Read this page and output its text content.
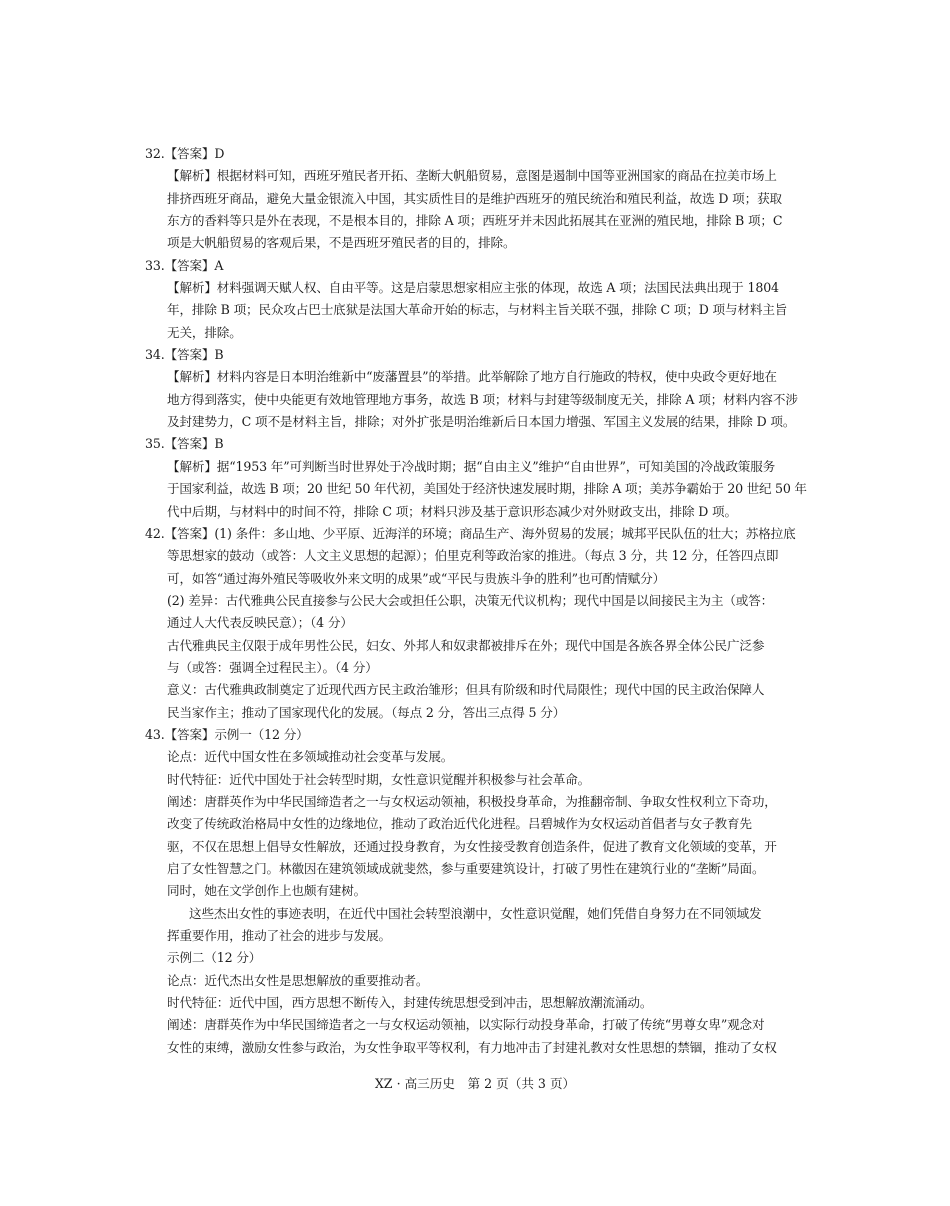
32.【答案】D
【解析】根据材料可知，西班牙殖民者开拓、垄断大帆船贸易，意图是遏制中国等亚洲国家的商品在拉美市场上
排挤西班牙商品，避免大量金银流入中国，其实质性目的是维护西班牙的殖民统治和殖民利益，故选 D 项；获取
东方的香料等只是外在表现，不是根本目的，排除 A 项；西班牙并未因此拓展其在亚洲的殖民地，排除 B 项；C
项是大帆船贸易的客观后果，不是西班牙殖民者的目的，排除。
33.【答案】A
【解析】材料强调天赋人权、自由平等。这是启蒙思想家相应主张的体现，故选 A 项；法国民法典出现于 1804
年，排除 B 项；民众攻占巴士底狱是法国大革命开始的标志，与材料主旨关联不强，排除 C 项；D 项与材料主旨
无关，排除。
34.【答案】B
【解析】材料内容是日本明治维新中“废藩置县”的举措。此举解除了地方自行施政的特权，使中央政令更好地在
地方得到落实，使中央能更有效地管理地方事务，故选 B 项；材料与封建等级制度无关，排除 A 项；材料内容不涉
及封建势力，C 项不是材料主旨，排除；对外扩张是明治维新后日本国力增强、军国主义发展的结果，排除 D 项。
35.【答案】B
【解析】据“1953 年”可判断当时世界处于冷战时期；据“自由主义”维护“自由世界”，可知美国的冷战政策服务
于国家利益，故选 B 项；20 世纪 50 年代初，美国处于经济快速发展时期，排除 A 项；美苏争霸始于 20 世纪 50 年
代中后期，与材料中的时间不符，排除 C 项；材料只涉及基于意识形态减少对外财政支出，排除 D 项。
42.【答案】(1) 条件：多山地、少平原、近海洋的环境；商品生产、海外贸易的发展；城邦平民队伍的壮大；苏格拉底
等思想家的鼓动（或答：人文主义思想的起源）；伯里克利等政治家的推进。（每点 3 分，共 12 分，任答四点即
可，如答“通过海外殖民等吸收外来文明的成果”或“平民与贵族斗争的胜利”也可酌情赋分）
(2) 差异：古代雅典公民直接参与公民大会或担任公职，决策无代议机构；现代中国是以间接民主为主（或答：
通过人大代表反映民意）；（4 分）
古代雅典民主仅限于成年男性公民，妇女、外邦人和奴隶都被排斥在外；现代中国是各族各界全体公民广泛参
与（或答：强调全过程民主）。（4 分）
意义：古代雅典政制奠定了近现代西方民主政治雏形；但具有阶级和时代局限性；现代中国的民主政治保障人
民当家作主；推动了国家现代化的发展。（每点 2 分，答出三点得 5 分）
43.【答案】示例一（12 分）
论点：近代中国女性在多领域推动社会变革与发展。
时代特征：近代中国处于社会转型时期，女性意识觉醒并积极参与社会革命。
阐述：唐群英作为中华民国缔造者之一与女权运动领袖，积极投身革命，为推翻帝制、争取女性权利立下奇功，
改变了传统政治格局中女性的边缘地位，推动了政治近代化进程。吕碧城作为女权运动首倡者与女子教育先
驱，不仅在思想上倡导女性解放，还通过投身教育，为女性接受教育创造条件，促进了教育文化领域的变革，开
启了女性智慧之门。林徽因在建筑领域成就斐然，参与重要建筑设计，打破了男性在建筑行业的“垄断”局面。
同时，她在文学创作上也颇有建树。
这些杰出女性的事迹表明，在近代中国社会转型浪潮中，女性意识觉醒，她们凭借自身努力在不同领域发
挥重要作用，推动了社会的进步与发展。
示例二（12 分）
论点：近代杰出女性是思想解放的重要推动者。
时代特征：近代中国，西方思想不断传入，封建传统思想受到冲击，思想解放潮流涌动。
阐述：唐群英作为中华民国缔造者之一与女权运动领袖，以实际行动投身革命，打破了传统“男尊女卑”观念对
女性的束缚，激励女性参与政治，为女性争取平等权利，有力地冲击了封建礼教对女性思想的禁锢，推动了女权
XZ · 高三历史　第 2 页（共 3 页）
